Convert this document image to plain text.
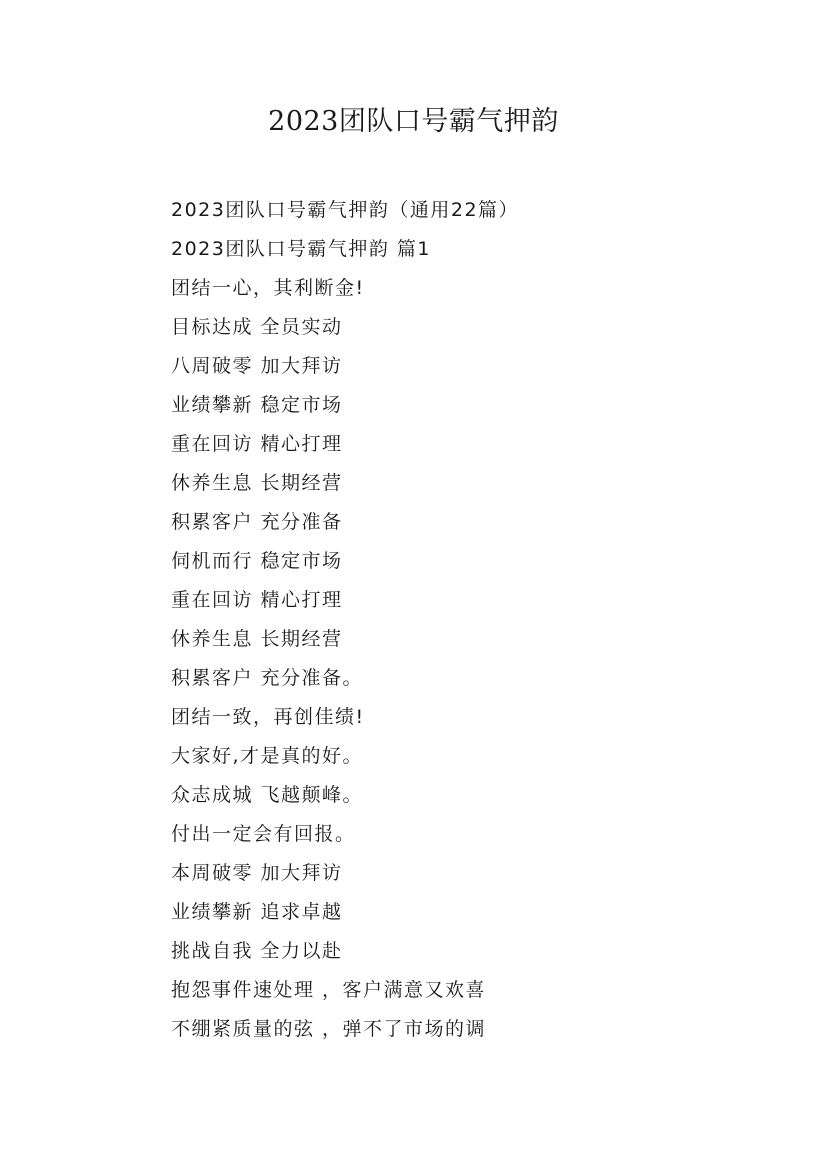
2023团队口号霸气押韵
2023团队口号霸气押韵（通用22篇）
2023团队口号霸气押韵 篇1
团结一心，其利断金!
目标达成 全员实动
八周破零 加大拜访
业绩攀新 稳定市场
重在回访 精心打理
休养生息 长期经营
积累客户 充分准备
伺机而行 稳定市场
重在回访 精心打理
休养生息 长期经营
积累客户 充分准备。
团结一致，再创佳绩!
大家好,才是真的好。
众志成城 飞越颠峰。
付出一定会有回报。
本周破零 加大拜访
业绩攀新 追求卓越
挑战自我 全力以赴
抱怨事件速处理 ，客户满意又欢喜
不绷紧质量的弦 ，弹不了市场的调
